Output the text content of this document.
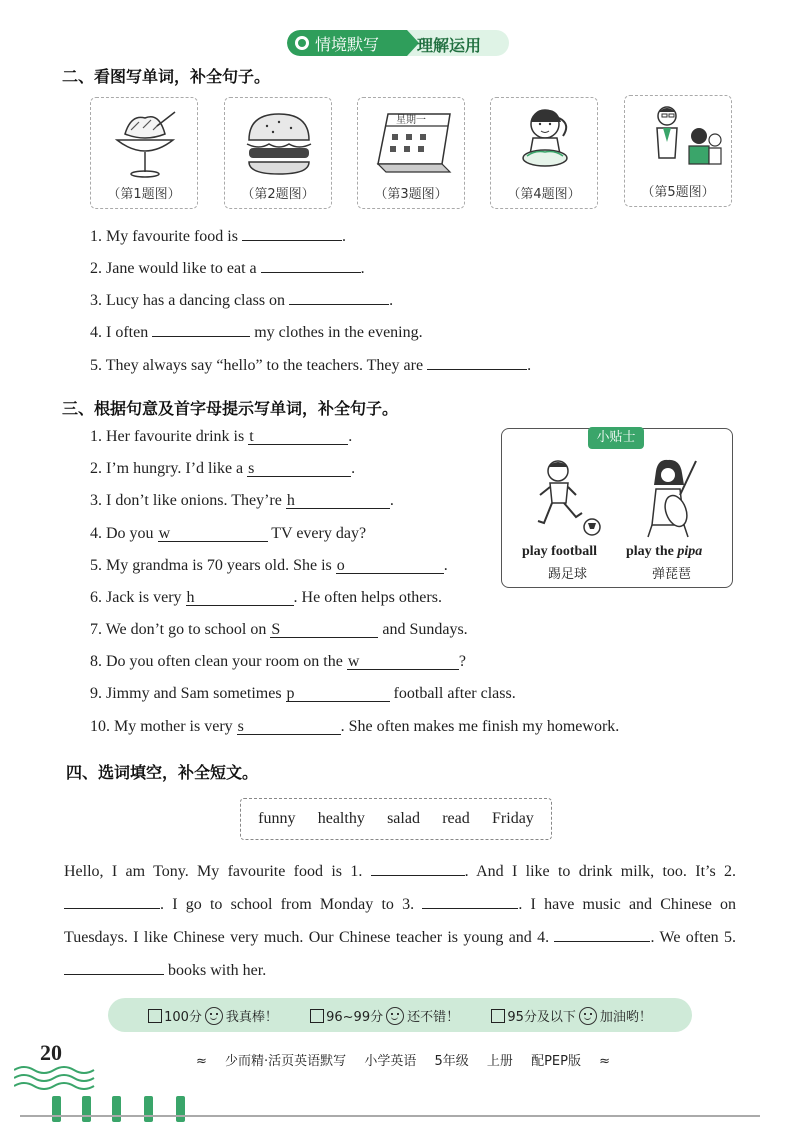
情境默写 理解运用
二、看图写单词，补全句子。
（第1题图）	（第2题图）
星期一
（第3题图）	（第4题图）	（第5题图）
1. My favourite food is	.
2. Jane would like to eat a	.
3. Lucy has a dancing class on	.
4. I often	my clothes in the evening.
5. They always say “hello” to the teachers. They are	.
三、根据句意及首字母提示写单词，补全句子。
1. Her favourite drink is t	.
2. I’m hungry. I’d like a s	.
3. I don’t like onions. They’re h	.
4. Do you w	TV every day?
5. My grandma is 70 years old. She is o	.
6. Jack is very h	. He often helps others.
7. We don’t go to school on S	and Sundays.
8. Do you often clean your room on the w	?
9. Jimmy and Sam sometimes p	football after class.
10. My mother is very s	. She often makes me finish my homework.
小贴士
play football
踢足球
play the pipa
弹琵琶
四、选词填空，补全短文。
funny healthy salad read Friday
Hello, I am Tony. My favourite food is 1.	. And I like to drink milk, too. It’s 2. . I go to school from Monday to 3.	. I have music and Chinese on Tuesdays. I like Chinese very much. Our Chinese teacher is young and 4.	. We often 5.  books with her.
100分 我真棒！	96~99分 还不错！	95分及以下 加油哟！
20	≈ 少而精·活页英语默写 小学英语 5年级 上册 配PEP版 ≈
